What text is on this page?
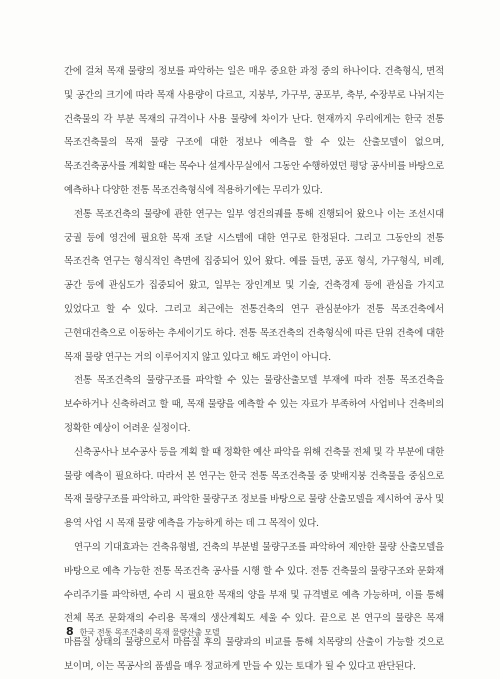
간에 걸쳐 목재 물량의 정보를 파악하는 일은 매우 중요한 과정 중의 하나이다. 건축형식, 면적 및 공간의 크기에 따라 목재 사용량이 다르고, 지붕부, 가구부, 공포부, 축부, 수장부로 나뉘지는 건축물의 각 부분 목재의 규격이나 사용 물량에 차이가 난다. 현재까지 우리에게는 한국 전통 목조건축물의 목재 물량 구조에 대한 정보나 예측을 할 수 있는 산출모델이 없으며, 목조건축공사를 계획할 때는 목수나 설계사무실에서 그동안 수행하였던 평당 공사비를 바탕으로 예측하나 다양한 전통 목조건축형식에 적용하기에는 무리가 있다.

전통 목조건축의 물량에 관한 연구는 일부 영건의궤를 통해 진행되어 왔으나 이는 조선시대 궁궐 등에 영건에 필요한 목재 조달 시스템에 대한 연구로 한정된다. 그리고 그동안의 전통 목조건축 연구는 형식적인 측면에 집중되어 있어 왔다. 예를 들면, 공포 형식, 가구형식, 비례, 공간 등에 관심도가 집중되어 왔고, 일부는 장인계보 및 기술, 건축경제 등에 관심을 가지고 있었다고 할 수 있다. 그리고 최근에는 전통건축의 연구 관심분야가 전통 목조건축에서 근현대건축으로 이동하는 추세이기도 하다. 전통 목조건축의 건축형식에 따른 단위 건축에 대한 목재 물량 연구는 거의 이루어지지 않고 있다고 해도 과언이 아니다.

전통 목조건축의 물량구조를 파악할 수 있는 물량산출모델 부재에 따라 전통 목조건축을 보수하거나 신축하려고 할 때, 목재 물량을 예측할 수 있는 자료가 부족하여 사업비나 건축비의 정확한 예상이 어려운 실정이다.

신축공사나 보수공사 등을 계획 할 때 정확한 예산 파악을 위해 건축물 전체 및 각 부분에 대한 물량 예측이 필요하다. 따라서 본 연구는 한국 전통 목조건축물 중 맞배지붕 건축물을 중심으로 목재 물량구조를 파악하고, 파악한 물량구조 정보를 바탕으로 물량 산출모델을 제시하여 공사 및 용역 사업 시 목재 물량 예측을 가능하게 하는 데 그 목적이 있다.

연구의 기대효과는 건축유형별, 건축의 부분별 물량구조를 파악하여 제안한 물량 산출모델을 바탕으로 예측 가능한 전통 목조건축 공사를 시행 할 수 있다. 전통 건축물의 물량구조와 문화재 수리주기를 파악하면, 수리 시 필요한 목재의 양을 부재 및 규격별로 예측 가능하며, 이를 통해 전체 목조 문화재의 수리용 목재의 생산계획도 세울 수 있다. 끝으로 본 연구의 물량은 목재 마름질 상태의 물량으로서 마름질 후의 물량과의 비교를 통해 치목량의 산출이 가능할 것으로 보이며, 이는 목공사의 품셈을 매우 정교하게 만들 수 있는 토대가 될 수 있다고 판단된다.

8 한국 전통 목조건축의 목재 물량산출 모델
